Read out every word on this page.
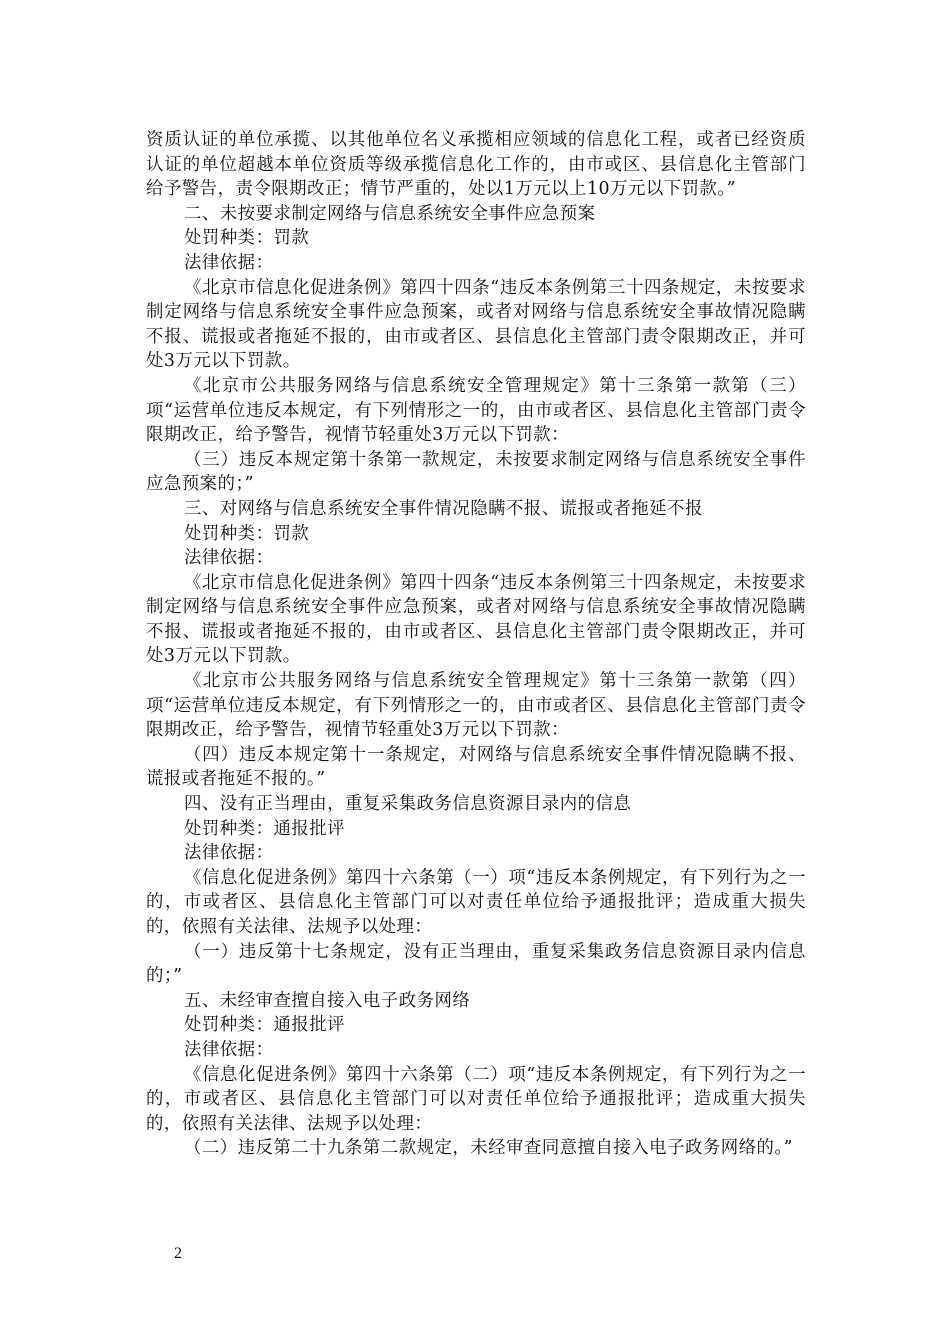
资质认证的单位承揽、以其他单位名义承揽相应领域的信息化工程，或者已经资质认证的单位超越本单位资质等级承揽信息化工作的，由市或区、县信息化主管部门给予警告，责令限期改正；情节严重的，处以1万元以上10万元以下罚款。”

二、未按要求制定网络与信息系统安全事件应急预案

处罚种类：罚款

法律依据：

《北京市信息化促进条例》第四十四条“违反本条例第三十四条规定，未按要求制定网络与信息系统安全事件应急预案，或者对网络与信息系统安全事故情况隐瞒不报、谎报或者拖延不报的，由市或者区、县信息化主管部门责令限期改正，并可处3万元以下罚款。

《北京市公共服务网络与信息系统安全管理规定》第十三条第一款第（三）项“运营单位违反本规定，有下列情形之一的，由市或者区、县信息化主管部门责令限期改正，给予警告，视情节轻重处3万元以下罚款：

（三）违反本规定第十条第一款规定，未按要求制定网络与信息系统安全事件应急预案的；”

三、对网络与信息系统安全事件情况隐瞒不报、谎报或者拖延不报

处罚种类：罚款

法律依据：

《北京市信息化促进条例》第四十四条“违反本条例第三十四条规定，未按要求制定网络与信息系统安全事件应急预案，或者对网络与信息系统安全事故情况隐瞒不报、谎报或者拖延不报的，由市或者区、县信息化主管部门责令限期改正，并可处3万元以下罚款。

《北京市公共服务网络与信息系统安全管理规定》第十三条第一款第（四）项“运营单位违反本规定，有下列情形之一的，由市或者区、县信息化主管部门责令限期改正，给予警告，视情节轻重处3万元以下罚款：

（四）违反本规定第十一条规定，对网络与信息系统安全事件情况隐瞒不报、谎报或者拖延不报的。”

四、没有正当理由，重复采集政务信息资源目录内的信息

处罚种类：通报批评

法律依据：

《信息化促进条例》第四十六条第（一）项“违反本条例规定，有下列行为之一的，市或者区、县信息化主管部门可以对责任单位给予通报批评；造成重大损失的，依照有关法律、法规予以处理：

（一）违反第十七条规定，没有正当理由，重复采集政务信息资源目录内信息的；”

五、未经审查擅自接入电子政务网络

处罚种类：通报批评

法律依据：

《信息化促进条例》第四十六条第（二）项“违反本条例规定，有下列行为之一的，市或者区、县信息化主管部门可以对责任单位给予通报批评；造成重大损失的，依照有关法律、法规予以处理：

（二）违反第二十九条第二款规定，未经审查同意擅自接入电子政务网络的。”

2
